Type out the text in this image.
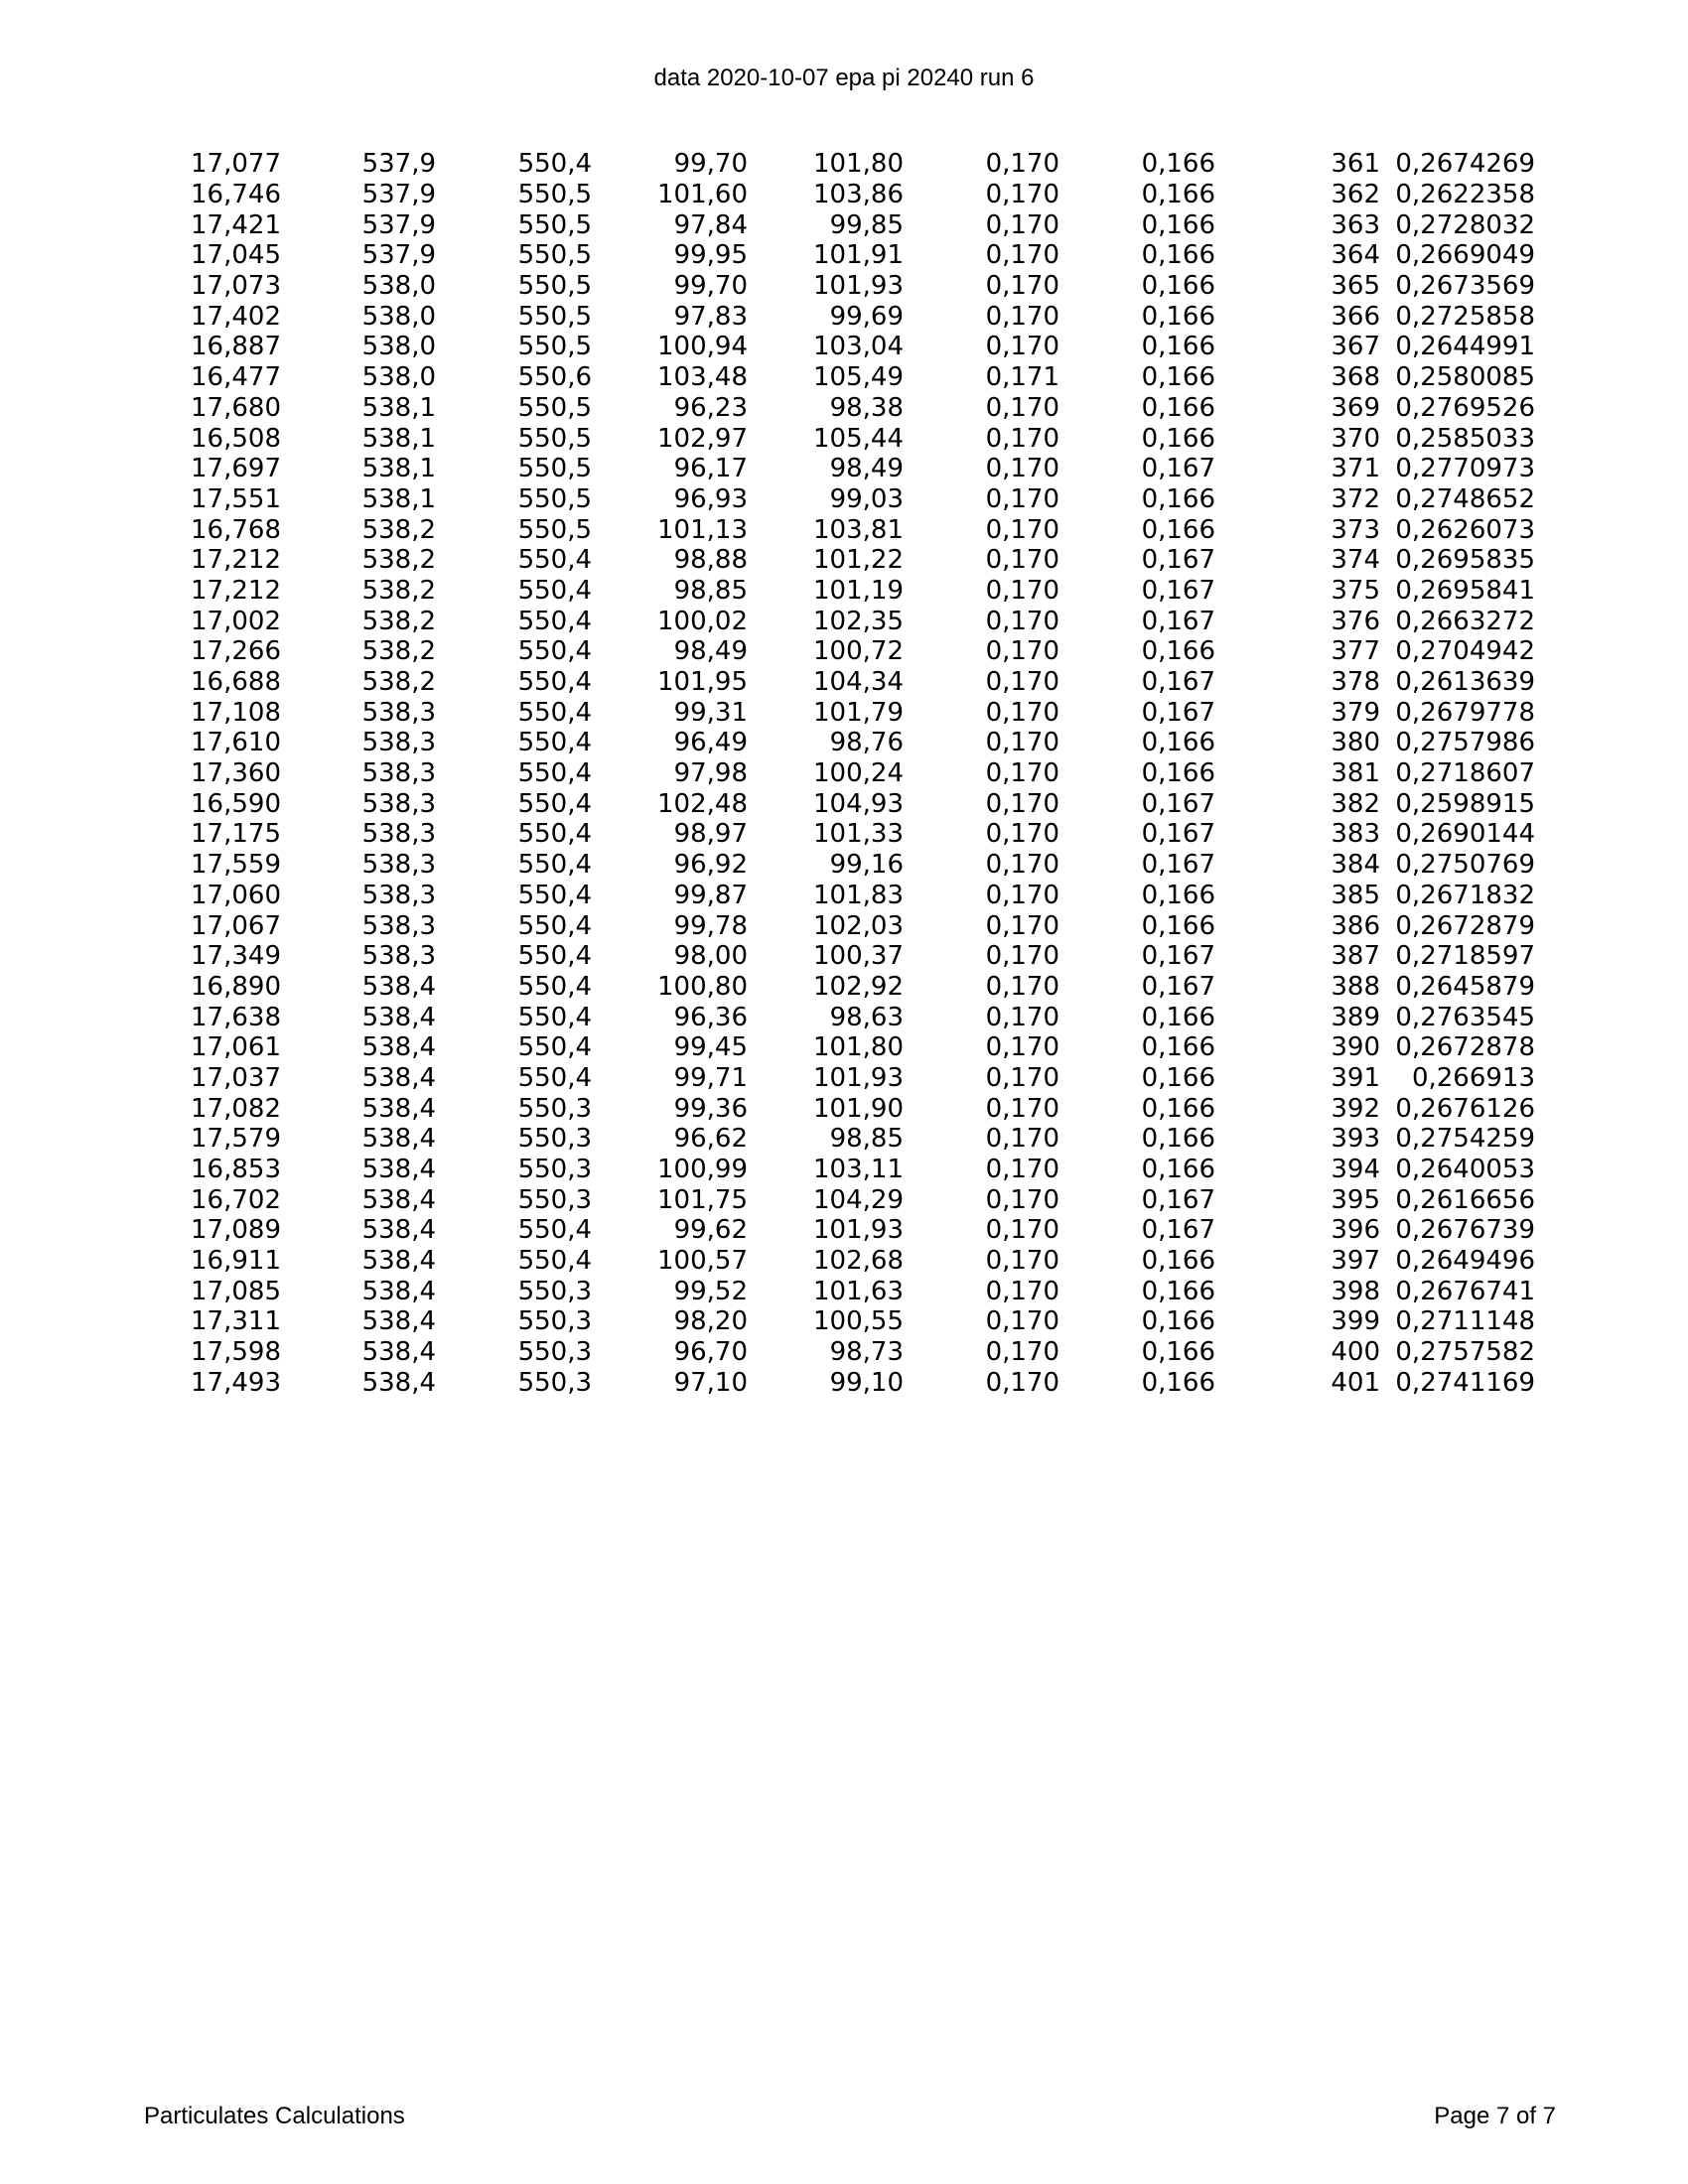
data 2020-10-07 epa pi 20240 run 6
17,077	537,9	550,4	99,70	101,80	0,170	0,166	361	0,2674269
16,746	537,9	550,5	101,60	103,86	0,170	0,166	362	0,2622358
17,421	537,9	550,5	97,84	99,85	0,170	0,166	363	0,2728032
17,045	537,9	550,5	99,95	101,91	0,170	0,166	364	0,2669049
17,073	538,0	550,5	99,70	101,93	0,170	0,166	365	0,2673569
17,402	538,0	550,5	97,83	99,69	0,170	0,166	366	0,2725858
16,887	538,0	550,5	100,94	103,04	0,170	0,166	367	0,2644991
16,477	538,0	550,6	103,48	105,49	0,171	0,166	368	0,2580085
17,680	538,1	550,5	96,23	98,38	0,170	0,166	369	0,2769526
16,508	538,1	550,5	102,97	105,44	0,170	0,166	370	0,2585033
17,697	538,1	550,5	96,17	98,49	0,170	0,167	371	0,2770973
17,551	538,1	550,5	96,93	99,03	0,170	0,166	372	0,2748652
16,768	538,2	550,5	101,13	103,81	0,170	0,166	373	0,2626073
17,212	538,2	550,4	98,88	101,22	0,170	0,167	374	0,2695835
17,212	538,2	550,4	98,85	101,19	0,170	0,167	375	0,2695841
17,002	538,2	550,4	100,02	102,35	0,170	0,167	376	0,2663272
17,266	538,2	550,4	98,49	100,72	0,170	0,166	377	0,2704942
16,688	538,2	550,4	101,95	104,34	0,170	0,167	378	0,2613639
17,108	538,3	550,4	99,31	101,79	0,170	0,167	379	0,2679778
17,610	538,3	550,4	96,49	98,76	0,170	0,166	380	0,2757986
17,360	538,3	550,4	97,98	100,24	0,170	0,166	381	0,2718607
16,590	538,3	550,4	102,48	104,93	0,170	0,167	382	0,2598915
17,175	538,3	550,4	98,97	101,33	0,170	0,167	383	0,2690144
17,559	538,3	550,4	96,92	99,16	0,170	0,167	384	0,2750769
17,060	538,3	550,4	99,87	101,83	0,170	0,166	385	0,2671832
17,067	538,3	550,4	99,78	102,03	0,170	0,166	386	0,2672879
17,349	538,3	550,4	98,00	100,37	0,170	0,167	387	0,2718597
16,890	538,4	550,4	100,80	102,92	0,170	0,167	388	0,2645879
17,638	538,4	550,4	96,36	98,63	0,170	0,166	389	0,2763545
17,061	538,4	550,4	99,45	101,80	0,170	0,166	390	0,2672878
17,037	538,4	550,4	99,71	101,93	0,170	0,166	391	0,266913
17,082	538,4	550,3	99,36	101,90	0,170	0,166	392	0,2676126
17,579	538,4	550,3	96,62	98,85	0,170	0,166	393	0,2754259
16,853	538,4	550,3	100,99	103,11	0,170	0,166	394	0,2640053
16,702	538,4	550,3	101,75	104,29	0,170	0,167	395	0,2616656
17,089	538,4	550,4	99,62	101,93	0,170	0,167	396	0,2676739
16,911	538,4	550,4	100,57	102,68	0,170	0,166	397	0,2649496
17,085	538,4	550,3	99,52	101,63	0,170	0,166	398	0,2676741
17,311	538,4	550,3	98,20	100,55	0,170	0,166	399	0,2711148
17,598	538,4	550,3	96,70	98,73	0,170	0,166	400	0,2757582
17,493	538,4	550,3	97,10	99,10	0,170	0,166	401	0,2741169
Particulates Calculations	Page 7 of 7
